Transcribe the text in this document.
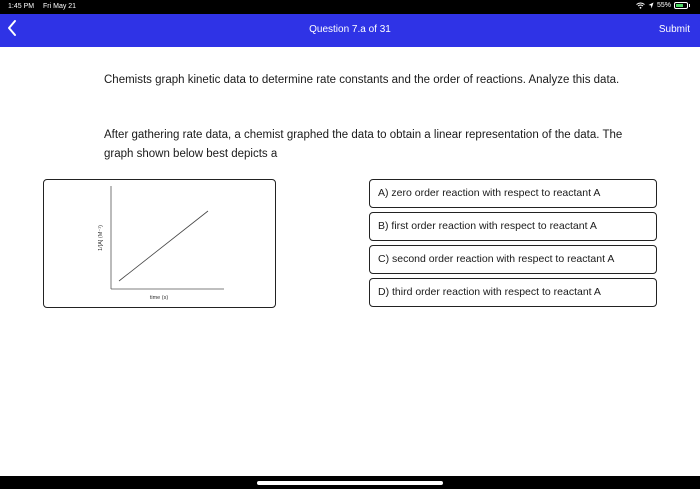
1:45 PM Fri May 21	55%
Question 7.a of 31	Submit
Chemists graph kinetic data to determine rate constants and the order of reactions. Analyze this data.
After gathering rate data, a chemist graphed the data to obtain a linear representation of the data. The graph shown below best depicts a
1/[A] (M⁻¹)
time (s)
A) zero order reaction with respect to reactant A
B) first order reaction with respect to reactant A
C) second order reaction with respect to reactant A
D) third order reaction with respect to reactant A
